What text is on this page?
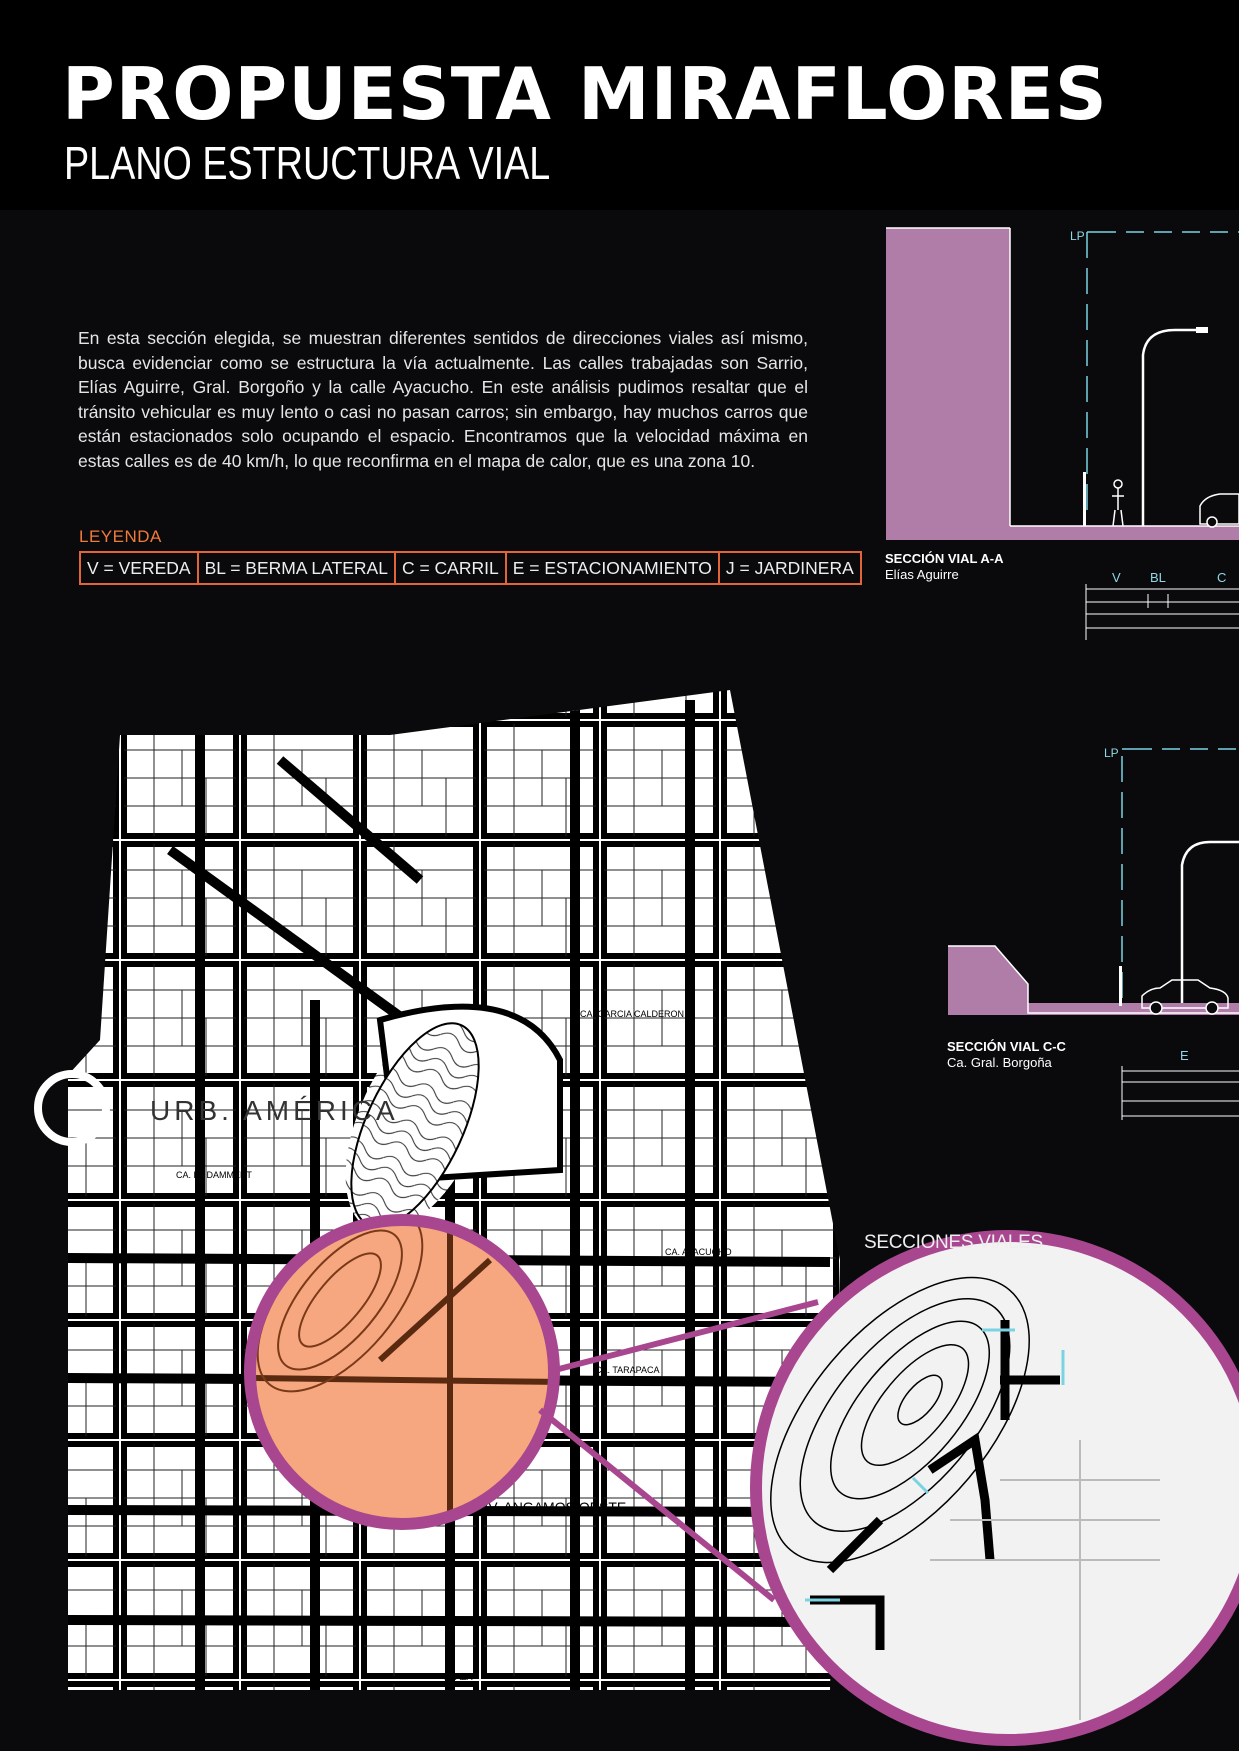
PROPUESTA MIRAFLORES
PLANO ESTRUCTURA VIAL
En esta sección elegida, se muestran diferentes sentidos de direcciones viales así mismo, busca evidenciar como se estructura la vía actualmente. Las calles trabajadas son Sarrio, Elías Aguirre, Gral. Borgoño y la calle Ayacucho. En este análisis pudimos resaltar que el tránsito vehicular es muy lento o casi no pasan carros; sin embargo, hay muchos carros que están estacionados solo ocupando el espacio. Encontramos que la velocidad máxima en estas calles es de 40 km/h, lo que reconfirma en el mapa de calor, que es una zona 10.
LEYENDA
V = VEREDA BL = BERMA LATERAL C = CARRIL E = ESTACIONAMIENTO J = JARDINERA
URB. AMÉRICA
AV. ANGAMOS OESTE
CA. GARCIA CALDERON
CA. AYACUCHO
CA. TARAPACA
CA. LA DAMMERT
PLAZA
LP
V BL	C
SECCIÓN VIAL A-A
Elías Aguirre
LP
E
SECCIÓN VIAL C-C
Ca. Gral. Borgoña
SECCIONES VIALES
